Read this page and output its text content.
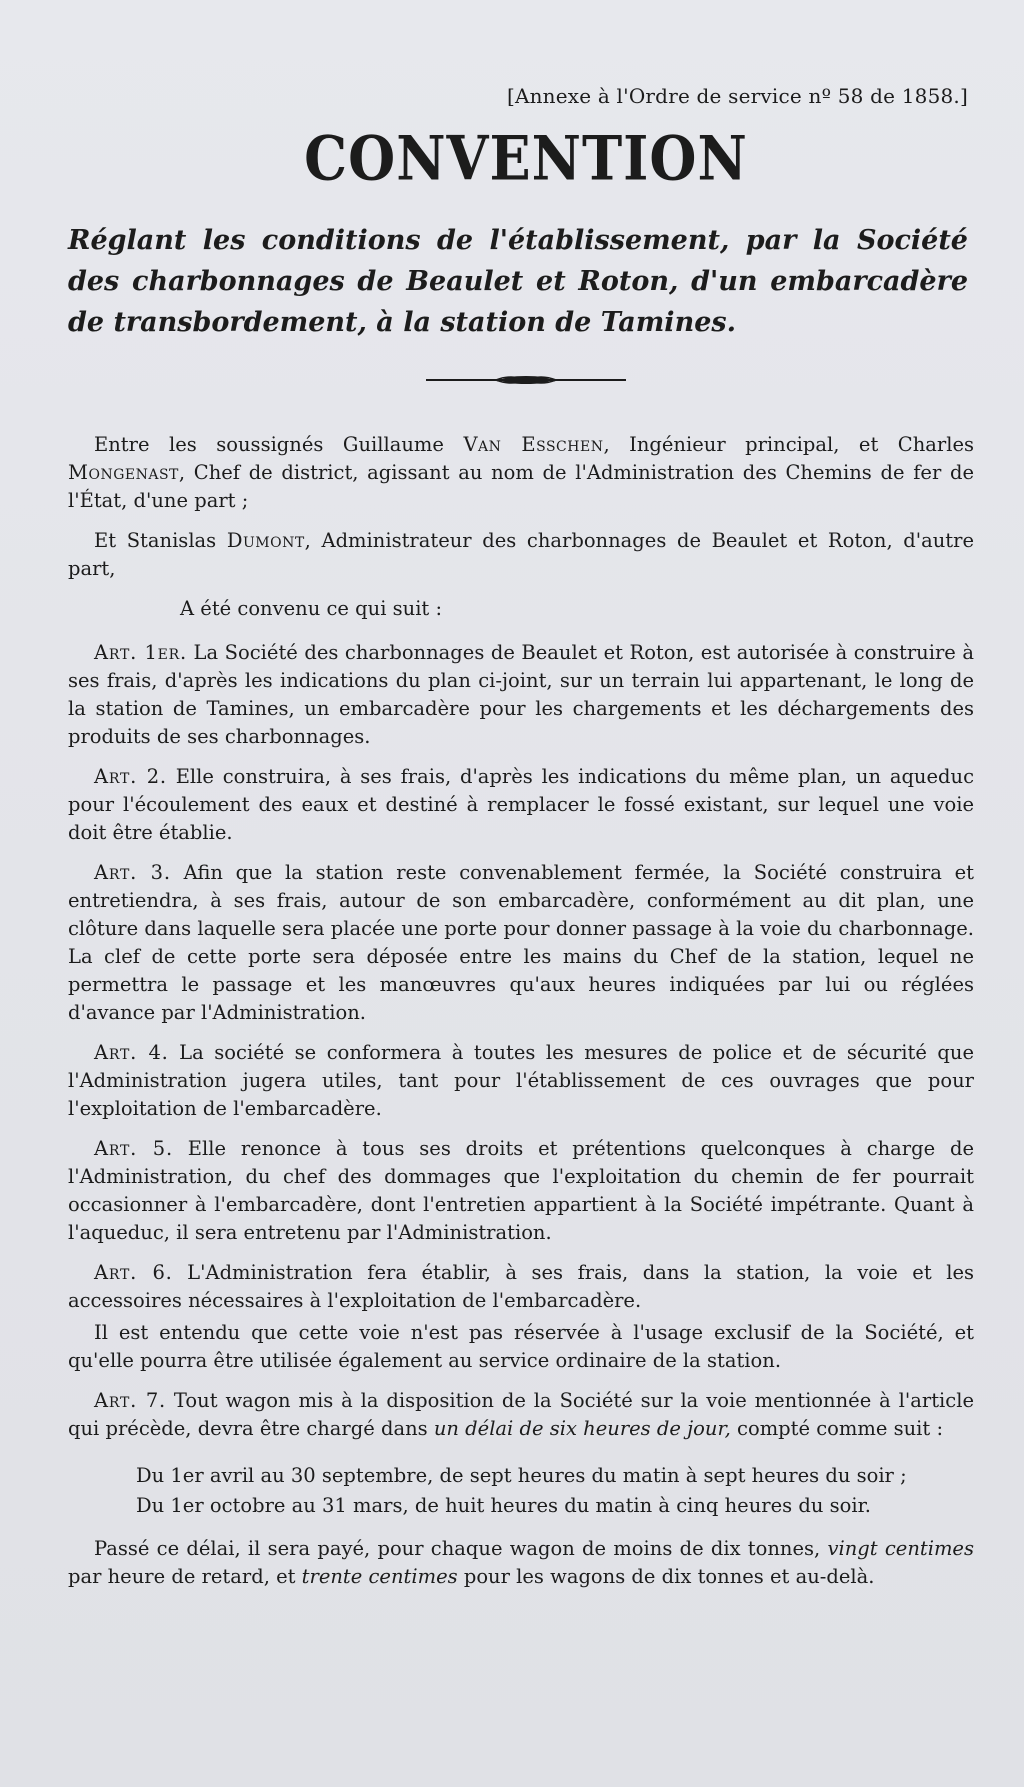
[Annexe à l'Ordre de service nº 58 de 1858.]
CONVENTION
Réglant les conditions de l'établissement, par la Société des charbonnages de Beaulet et Roton, d'un embarcadère de transbordement, à la station de Tamines.

Entre les soussignés Guillaume Van Esschen, Ingénieur principal, et Charles Mongenast, Chef de district, agissant au nom de l'Administration des Chemins de fer de l'État, d'une part ;

Et Stanislas Dumont, Administrateur des charbonnages de Beaulet et Roton, d'autre part,

A été convenu ce qui suit :

Art. 1er. La Société des charbonnages de Beaulet et Roton, est autorisée à construire à ses frais, d'après les indications du plan ci-joint, sur un terrain lui appartenant, le long de la station de Tamines, un embarcadère pour les chargements et les déchargements des produits de ses charbonnages.

Art. 2. Elle construira, à ses frais, d'après les indications du même plan, un aqueduc pour l'écoulement des eaux et destiné à remplacer le fossé existant, sur lequel une voie doit être établie.

Art. 3. Afin que la station reste convenablement fermée, la Société construira et entretiendra, à ses frais, autour de son embarcadère, conformément au dit plan, une clôture dans laquelle sera placée une porte pour donner passage à la voie du charbonnage. La clef de cette porte sera déposée entre les mains du Chef de la station, lequel ne permettra le passage et les manœuvres qu'aux heures indiquées par lui ou réglées d'avance par l'Administration.

Art. 4. La société se conformera à toutes les mesures de police et de sécurité que l'Administration jugera utiles, tant pour l'établissement de ces ouvrages que pour l'exploitation de l'embarcadère.

Art. 5. Elle renonce à tous ses droits et prétentions quelconques à charge de l'Administration, du chef des dommages que l'exploitation du chemin de fer pourrait occasionner à l'embarcadère, dont l'entretien appartient à la Société impétrante. Quant à l'aqueduc, il sera entretenu par l'Administration.

Art. 6. L'Administration fera établir, à ses frais, dans la station, la voie et les accessoires nécessaires à l'exploitation de l'embarcadère.

Il est entendu que cette voie n'est pas réservée à l'usage exclusif de la Société, et qu'elle pourra être utilisée également au service ordinaire de la station.

Art. 7. Tout wagon mis à la disposition de la Société sur la voie mentionnée à l'article qui précède, devra être chargé dans un délai de six heures de jour, compté comme suit :

Du 1er avril au 30 septembre, de sept heures du matin à sept heures du soir ;
Du 1er octobre au 31 mars, de huit heures du matin à cinq heures du soir.

Passé ce délai, il sera payé, pour chaque wagon de moins de dix tonnes, vingt centimes par heure de retard, et trente centimes pour les wagons de dix tonnes et au-delà.
